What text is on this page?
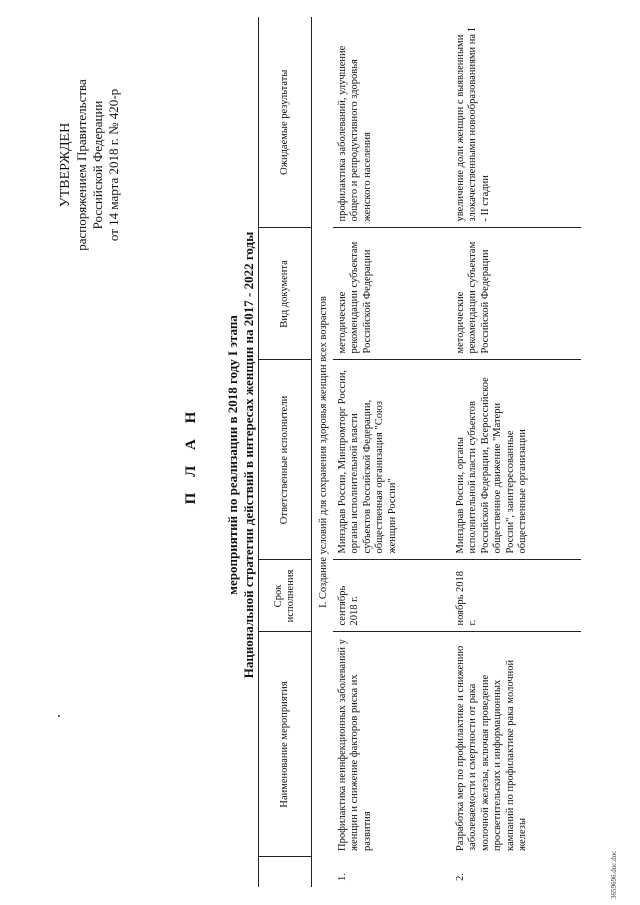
УТВЕРЖДЕН распоряжением Правительства Российской Федерации от 14 марта 2018 г. № 420-р
П Л А Н мероприятий по реализации в 2018 году I этапа Национальной стратегии действий в интересах женщин на 2017 - 2022 годы
	Наименование мероприятия	Срок исполнения	Ответственные исполнители	Вид документа	Ожидаемые результаты
I. Создание условий для сохранения здоровья женщин всех возрастов					
1.	Профилактика неинфекционных заболеваний у женщин и снижение факторов риска их развития	сентябрь 2018 г.	Минздрав России, Минпромторг России, органы исполнительной власти субъектов Российской Федерации, общественная организация "Союз женщин России"	методические рекомендации субъектам Российской Федерации	профилактика заболеваний, улучшение общего и репродуктивного здоровья женского населения
2.	Разработка мер по профилактике и снижению заболеваемости и смертности от рака молочной железы, включая проведение просветительских и информационных кампаний по профилактике рака молочной железы	ноябрь 2018 г.	Минздрав России, органы исполнительной власти субъектов Российской Федерации, Всероссийское общественное движение "Матери России", заинтересованные общественные организации	методические рекомендации субъектам Российской Федерации	увеличение доли женщин с выявленными злокачественными новообразованиями на I - II стадии
3659696.doc.doc
